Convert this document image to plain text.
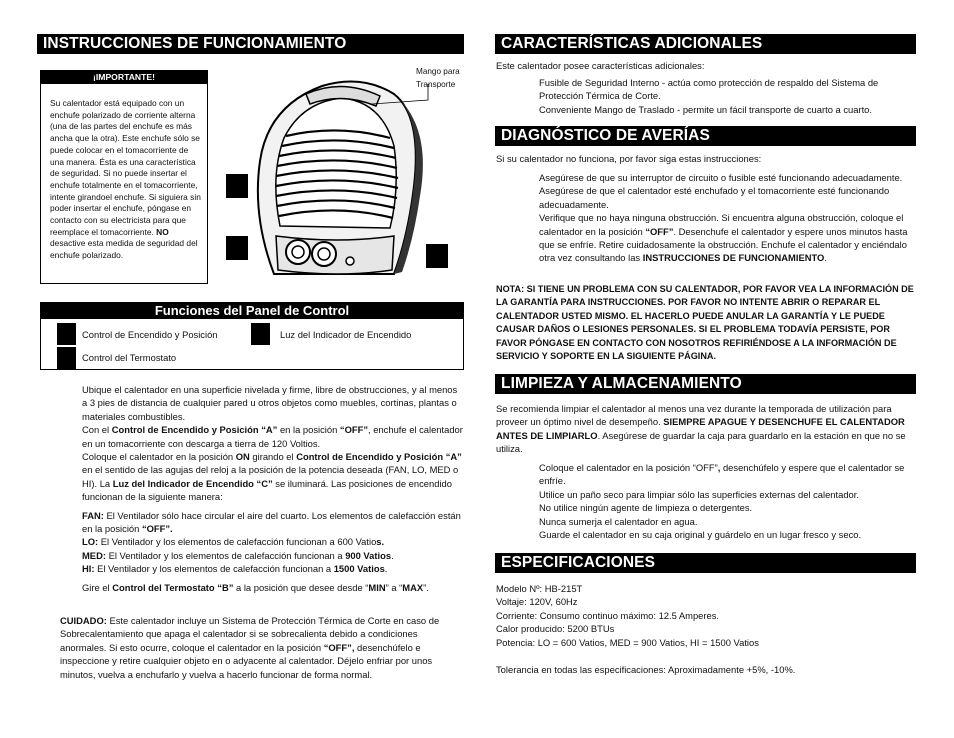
INSTRUCCIONES DE FUNCIONAMIENTO
¡IMPORTANTE!
Su calentador está equipado con un enchufe polarizado de corriente alterna (una de las partes del enchufe es más ancha que la otra). Este enchufe sólo se puede colocar en el tomacorriente de una manera. Ésta es una característica de seguridad. Si no puede insertar el enchufe totalmente en el tomacorriente, intente girandoel enchufe. Si siguiera sin poder insertar el enchufe, póngase en contacto con su electricista para que reemplace el tomacorriente. NO desactive esta medida de seguridad del enchufe polarizado.
Mango para Transporte
Funciones del Panel de Control
Control de Encendido y Posición
Control del Termostato
Luz del Indicador de Encendido

Ubique el calentador en una superficie nivelada y firme, libre de obstrucciones, y al menos a 3 pies de distancia de cualquier pared u otros objetos como muebles, cortinas, plantas o materiales combustibles.

Con el Control de Encendido y Posición “A” en la posición “OFF”, enchufe el calentador en un tomacorriente con descarga a tierra de 120 Voltios.

Coloque el calentador en la posición ON girando el Control de Encendido y Posición “A” en el sentido de las agujas del reloj a la posición de la potencia deseada (FAN, LO, MED o HI). La Luz del Indicador de Encendido “C” se iluminará. Las posiciones de encendido funcionan de la siguiente manera:

FAN: El Ventilador sólo hace circular el aire del cuarto. Los elementos de calefacción están en la posición “OFF”.

LO: El Ventilador y los elementos de calefacción funcionan a 600 Vatios.

MED: El Ventilador y los elementos de calefacción funcionan a 900 Vatios.

HI: El Ventilador y los elementos de calefacción funcionan a 1500 Vatios.

Gire el Control del Termostato “B” a la posición que desee desde “MIN” a “MAX”.

CUIDADO: Este calentador incluye un Sistema de Protección Térmica de Corte en caso de Sobrecalentamiento que apaga el calentador si se sobrecalienta debido a condiciones anormales. Si esto ocurre, coloque el calentador en la posición “OFF”, desenchúfelo e inspeccione y retire cualquier objeto en o adyacente al calentador. Déjelo enfriar por unos minutos, vuelva a enchufarlo y vuelva a hacerlo funcionar de forma normal.
CARACTERÍSTICAS ADICIONALES
Este calentador posee características adicionales:

Fusible de Seguridad Interno - actúa como protección de respaldo del Sistema de Protección Térmica de Corte.

Conveniente Mango de Traslado - permite un fácil transporte de cuarto a cuarto.

DIAGNÓSTICO DE AVERÍAS
Si su calentador no funciona, por favor siga estas instrucciones:

Asegúrese de que su interruptor de circuito o fusible esté funcionando adecuadamente.

Asegúrese de que el calentador esté enchufado y el tomacorriente esté funcionando adecuadamente.

Verifique que no haya ninguna obstrucción. Si encuentra alguna obstrucción, coloque el calentador en la posición “OFF”. Desenchufe el calentador y espere unos minutos hasta que se enfríe. Retire cuidadosamente la obstrucción. Enchufe el calentador y enciéndalo otra vez consultando las INSTRUCCIONES DE FUNCIONAMIENTO.

NOTA: SI TIENE UN PROBLEMA CON SU CALENTADOR, POR FAVOR VEA LA INFORMACIÓN DE LA GARANTÍA PARA INSTRUCCIONES. POR FAVOR NO INTENTE ABRIR O REPARAR EL CALENTADOR USTED MISMO. EL HACERLO PUEDE ANULAR LA GARANTÍA Y LE PUEDE CAUSAR DAÑOS O LESIONES PERSONALES. SI EL PROBLEMA TODAVÍA PERSISTE, POR FAVOR PÓNGASE EN CONTACTO CON NOSOTROS REFIRIÉNDOSE A LA INFORMACIÓN DE SERVICIO Y SOPORTE EN LA SIGUIENTE PÁGINA.
LIMPIEZA Y ALMACENAMIENTO
Se recomienda limpiar el calentador al menos una vez durante la temporada de utilización para proveer un óptimo nivel de desempeño. SIEMPRE APAGUE Y DESENCHUFE EL CALENTADOR ANTES DE LIMPIARLO. Asegúrese de guardar la caja para guardarlo en la estación en que no se utiliza.

Coloque el calentador en la posición “OFF”, desenchúfelo y espere que el calentador se enfríe.

Utilice un paño seco para limpiar sólo las superficies externas del calentador.

No utilice ningún agente de limpieza o detergentes.

Nunca sumerja el calentador en agua.

Guarde el calentador en su caja original y guárdelo en un lugar fresco y seco.

ESPECIFICACIONES

Modelo Nº: HB-215T

Voltaje: 120V, 60Hz

Corriente: Consumo continuo máximo: 12.5 Amperes.

Calor producido: 5200 BTUs

Potencia: LO = 600 Vatios, MED = 900 Vatios, HI = 1500 Vatios

Tolerancia en todas las especificaciones: Aproximadamente +5%, -10%.
